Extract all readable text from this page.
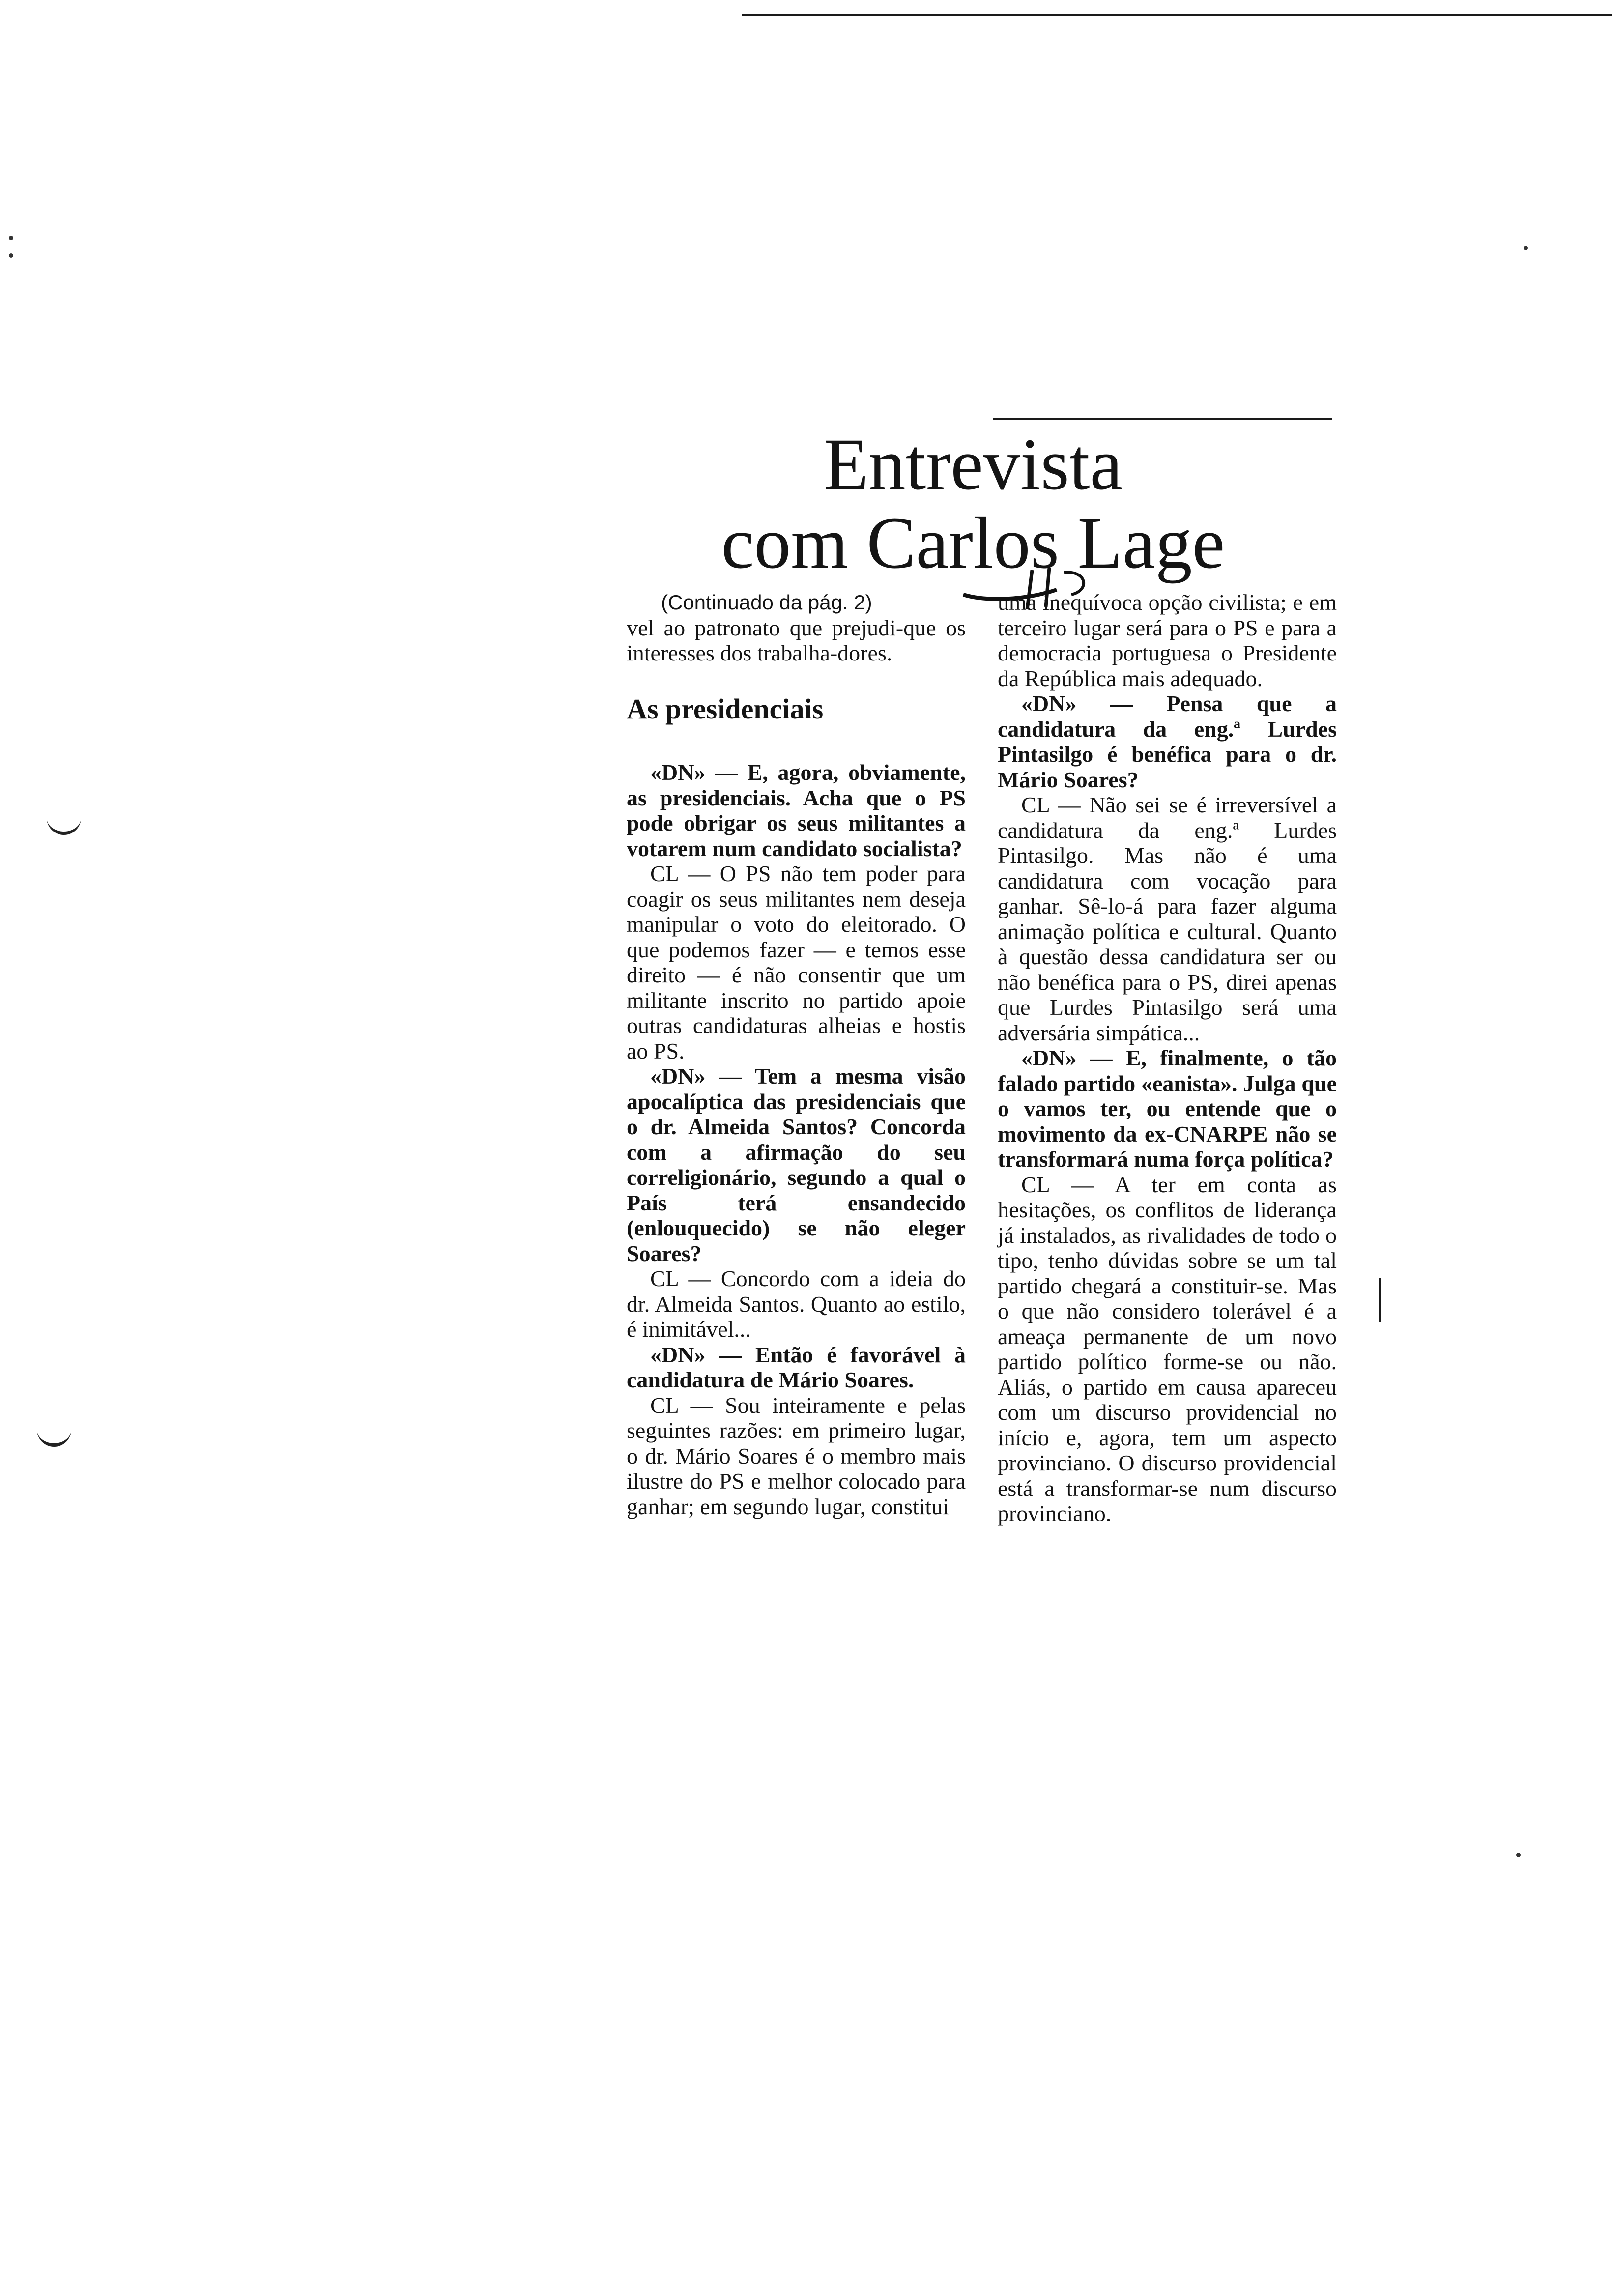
Entrevista
com Carlos Lage

(Continuado da pág. 2)

vel ao patronato que prejudi-que os interesses dos trabalha-dores.

As presidenciais

«DN» — E, agora, obviamente, as presidenciais. Acha que o PS pode obrigar os seus militantes a votarem num candidato socialista?

CL — O PS não tem poder para coagir os seus militantes nem deseja manipular o voto do eleitorado. O que podemos fazer — e temos esse direito — é não consentir que um militante inscrito no partido apoie outras candidaturas alheias e hostis ao PS.

«DN» — Tem a mesma visão apocalíptica das presidenciais que o dr. Almeida Santos? Concorda com a afirmação do seu correligionário, segundo a qual o País terá ensandecido (enlouquecido) se não eleger Soares?

CL — Concordo com a ideia do dr. Almeida Santos. Quanto ao estilo, é inimitável...

«DN» — Então é favorável à candidatura de Mário Soares.

CL — Sou inteiramente e pelas seguintes razões: em primeiro lugar, o dr. Mário Soares é o membro mais ilustre do PS e melhor colocado para ganhar; em segundo lugar, constitui

uma inequívoca opção civilista; e em terceiro lugar será para o PS e para a democracia portuguesa o Presidente da República mais adequado.

«DN» — Pensa que a candidatura da eng.ª Lurdes Pintasilgo é benéfica para o dr. Mário Soares?

CL — Não sei se é irreversível a candidatura da eng.ª Lurdes Pintasilgo. Mas não é uma candidatura com vocação para ganhar. Sê-lo-á para fazer alguma animação política e cultural. Quanto à questão dessa candidatura ser ou não benéfica para o PS, direi apenas que Lurdes Pintasilgo será uma adversária simpática...

«DN» — E, finalmente, o tão falado partido «eanista». Julga que o vamos ter, ou entende que o movimento da ex-CNARPE não se transformará numa força política?

CL — A ter em conta as hesitações, os conflitos de liderança já instalados, as rivalidades de todo o tipo, tenho dúvidas sobre se um tal partido chegará a constituir-se. Mas o que não considero tolerável é a ameaça permanente de um novo partido político forme-se ou não. Aliás, o partido em causa apareceu com um discurso providencial no início e, agora, tem um aspecto provinciano. O discurso providencial está a transformar-se num discurso provinciano.
